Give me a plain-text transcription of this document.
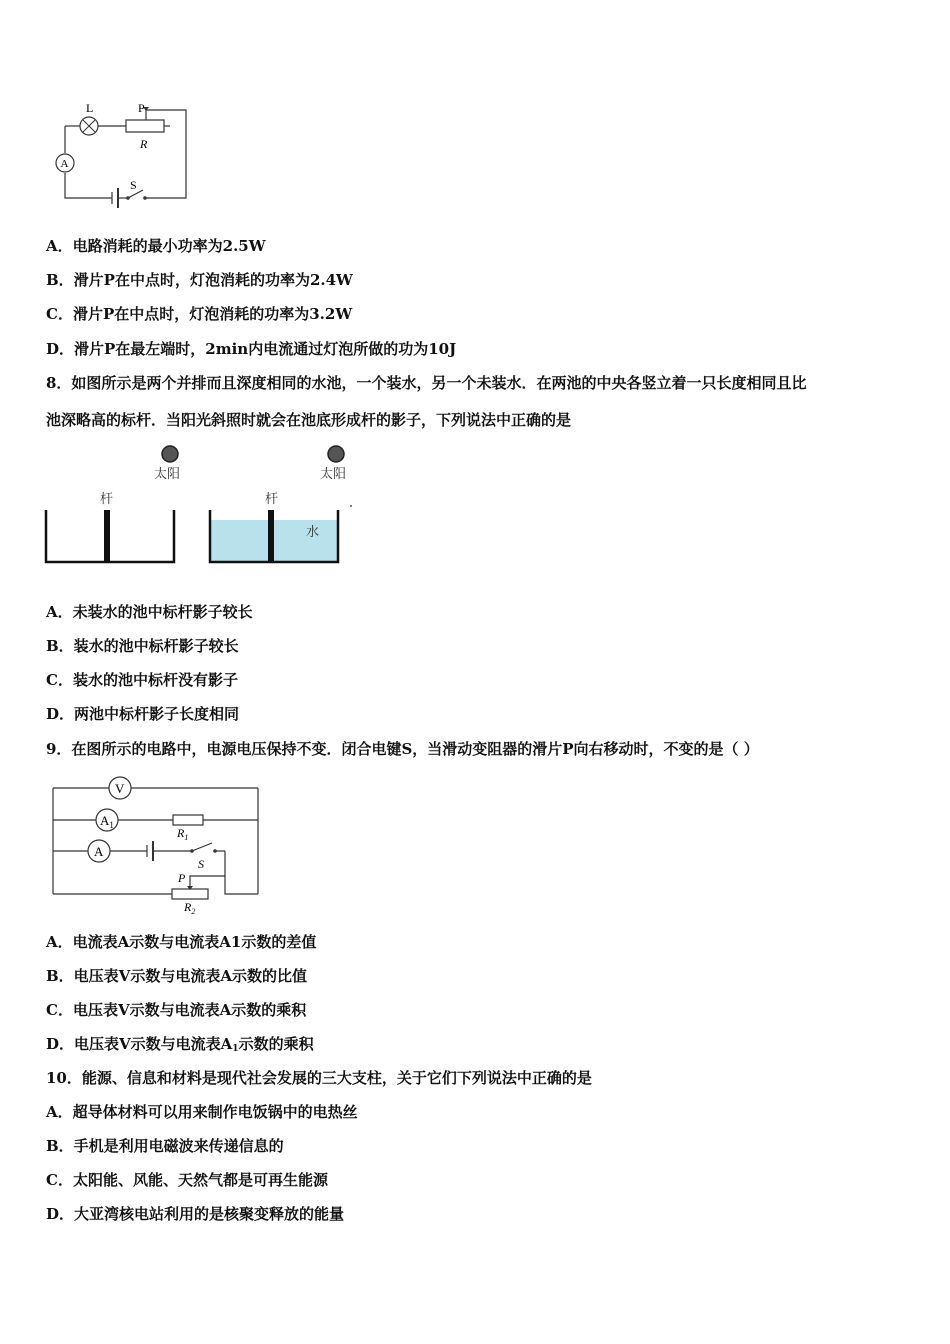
L	P
R
A
S
A．电路消耗的最小功率为2.5W
B．滑片P在中点时，灯泡消耗的功率为2.4W
C．滑片P在中点时，灯泡消耗的功率为3.2W
D．滑片P在最左端时，2min内电流通过灯泡所做的功为10J
8．如图所示是两个并排而且深度相同的水池，一个装水，另一个未装水．在两池的中央各竖立着一只长度相同且比
池深略高的标杆．当阳光斜照时就会在池底形成杆的影子，下列说法中正确的是
太阳	太阳
杆	杆
水
A．未装水的池中标杆影子较长
B．装水的池中标杆影子较长
C．装水的池中标杆没有影子
D．两池中标杆影子长度相同
9．在图所示的电路中，电源电压保持不变．闭合电键S，当滑动变阻器的滑片P向右移动时，不变的是（ ）
V
$A_1$
A
$R_1$
S
P
$R_2$
A．电流表A示数与电流表A1示数的差值
B．电压表V示数与电流表A示数的比值
C．电压表V示数与电流表A示数的乘积
D．电压表V示数与电流表$A_1$示数的乘积
10．能源、信息和材料是现代社会发展的三大支柱，关于它们下列说法中正确的是
A．超导体材料可以用来制作电饭锅中的电热丝
B．手机是利用电磁波来传递信息的
C．太阳能、风能、天然气都是可再生能源
D．大亚湾核电站利用的是核聚变释放的能量
